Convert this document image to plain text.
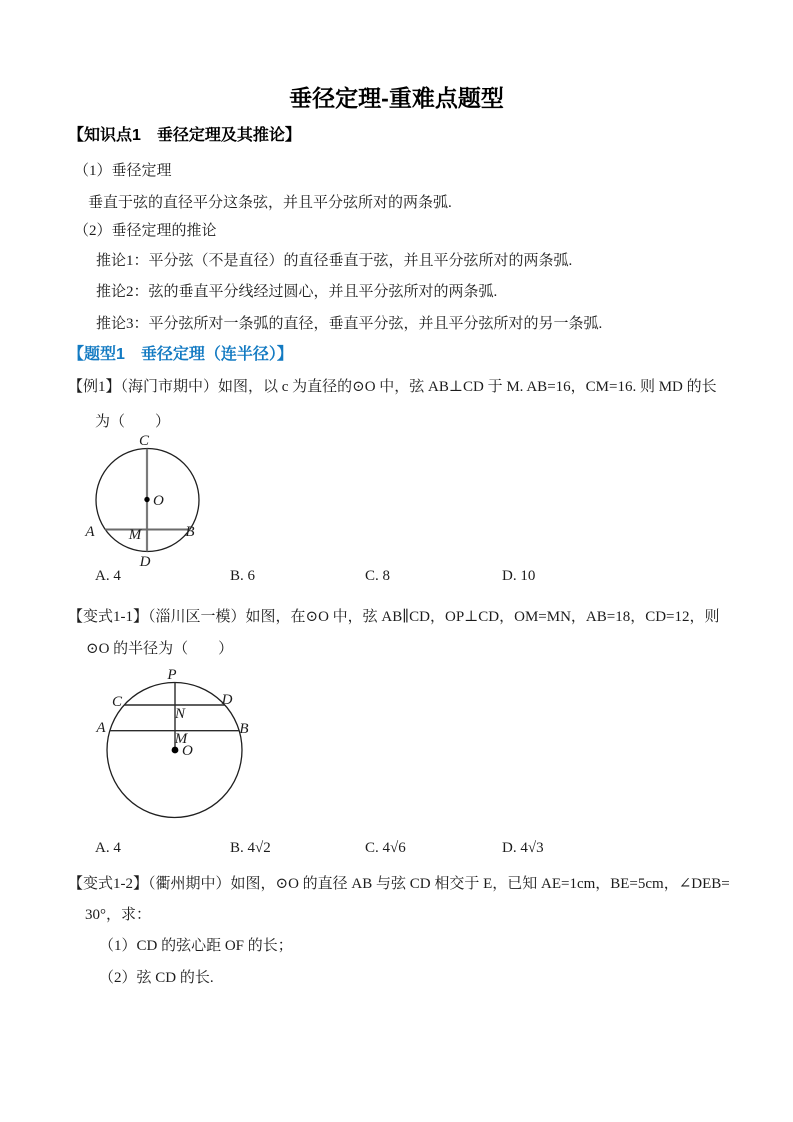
垂径定理-重难点题型
【知识点1　垂径定理及其推论】
（1）垂径定理
垂直于弦的直径平分这条弦，并且平分弦所对的两条弧.
（2）垂径定理的推论
推论1：平分弦（不是直径）的直径垂直于弦，并且平分弦所对的两条弧.
推论2：弦的垂直平分线经过圆心，并且平分弦所对的两条弧.
推论3：平分弦所对一条弧的直径，垂直平分弦，并且平分弦所对的另一条弧.
【题型1　垂径定理（连半径）】
【例1】（海门市期中）如图，以 c 为直径的⊙O 中，弦 AB⊥CD 于 M. AB=16，CM=16. 则 MD 的长
为（　　）
C
D
A	B
M
O
A. 4	B. 6	C. 8	D. 10
【变式1-1】（淄川区一模）如图，在⊙O 中，弦 AB∥CD，OP⊥CD，OM=MN，AB=18，CD=12，则
⊙O 的半径为（　　）
P
C	D
N
A	B
M
O
A. 4	B. 4√2	C. 4√6	D. 4√3
【变式1-2】（衢州期中）如图，⊙O 的直径 AB 与弦 CD 相交于 E，已知 AE=1cm，BE=5cm，∠DEB=
30°，求：
（1）CD 的弦心距 OF 的长；
（2）弦 CD 的长.
